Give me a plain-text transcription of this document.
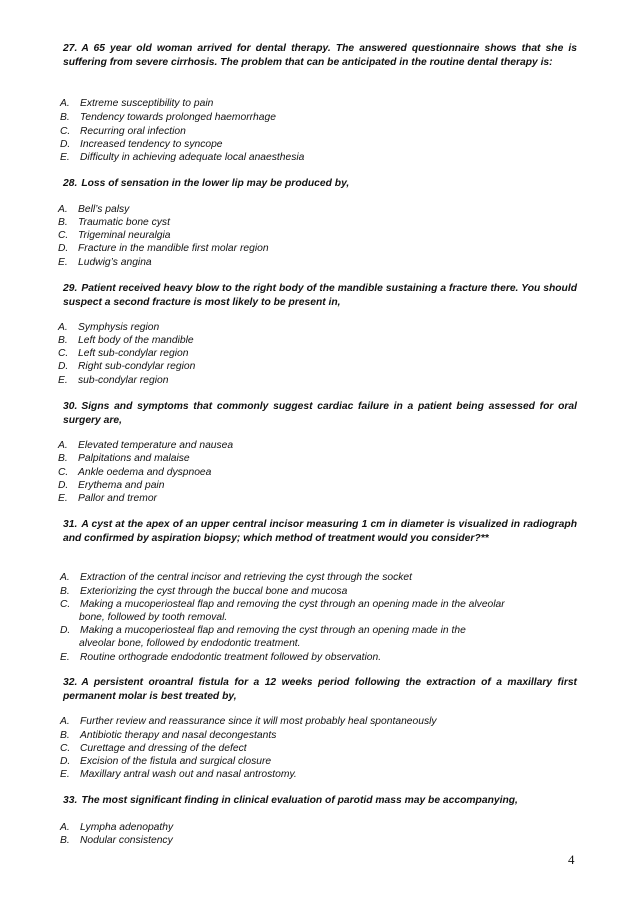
27. A 65 year old woman arrived for dental therapy. The answered questionnaire shows that she is suffering from severe cirrhosis. The problem that can be anticipated in the routine dental therapy is:
A. Extreme susceptibility to pain
B. Tendency towards prolonged haemorrhage
C. Recurring oral infection
D. Increased tendency to syncope
E. Difficulty in achieving adequate local anaesthesia
28. Loss of sensation in the lower lip may be produced by,
A. Bell’s palsy
B. Traumatic bone cyst
C. Trigeminal neuralgia
D. Fracture in the mandible first molar region
E. Ludwig’s angina
29. Patient received heavy blow to the right body of the mandible sustaining a fracture there. You should suspect a second fracture is most likely to be present in,
A. Symphysis region
B. Left body of the mandible
C. Left sub-condylar region
D. Right sub-condylar region
E. sub-condylar region
30. Signs and symptoms that commonly suggest cardiac failure in a patient being assessed for oral surgery are,
A. Elevated temperature and nausea
B. Palpitations and malaise
C. Ankle oedema and dyspnoea
D. Erythema and pain
E. Pallor and tremor
31. A cyst at the apex of an upper central incisor measuring 1 cm in diameter is visualized in radiograph and confirmed by aspiration biopsy; which method of treatment would you consider?**
A. Extraction of the central incisor and retrieving the cyst through the socket
B. Exteriorizing the cyst through the buccal bone and mucosa
C. Making a mucoperiosteal flap and removing the cyst through an opening made in the alveolar
bone, followed by tooth removal.
D. Making a mucoperiosteal flap and removing the cyst through an opening made in the
alveolar bone, followed by endodontic treatment.
E. Routine orthograde endodontic treatment followed by observation.
32. A persistent oroantral fistula for a 12 weeks period following the extraction of a maxillary first permanent molar is best treated by,
A. Further review and reassurance since it will most probably heal spontaneously
B. Antibiotic therapy and nasal decongestants
C. Curettage and dressing of the defect
D. Excision of the fistula and surgical closure
E. Maxillary antral wash out and nasal antrostomy.
33. The most significant finding in clinical evaluation of parotid mass may be accompanying,
A. Lympha adenopathy
B. Nodular consistency
4
